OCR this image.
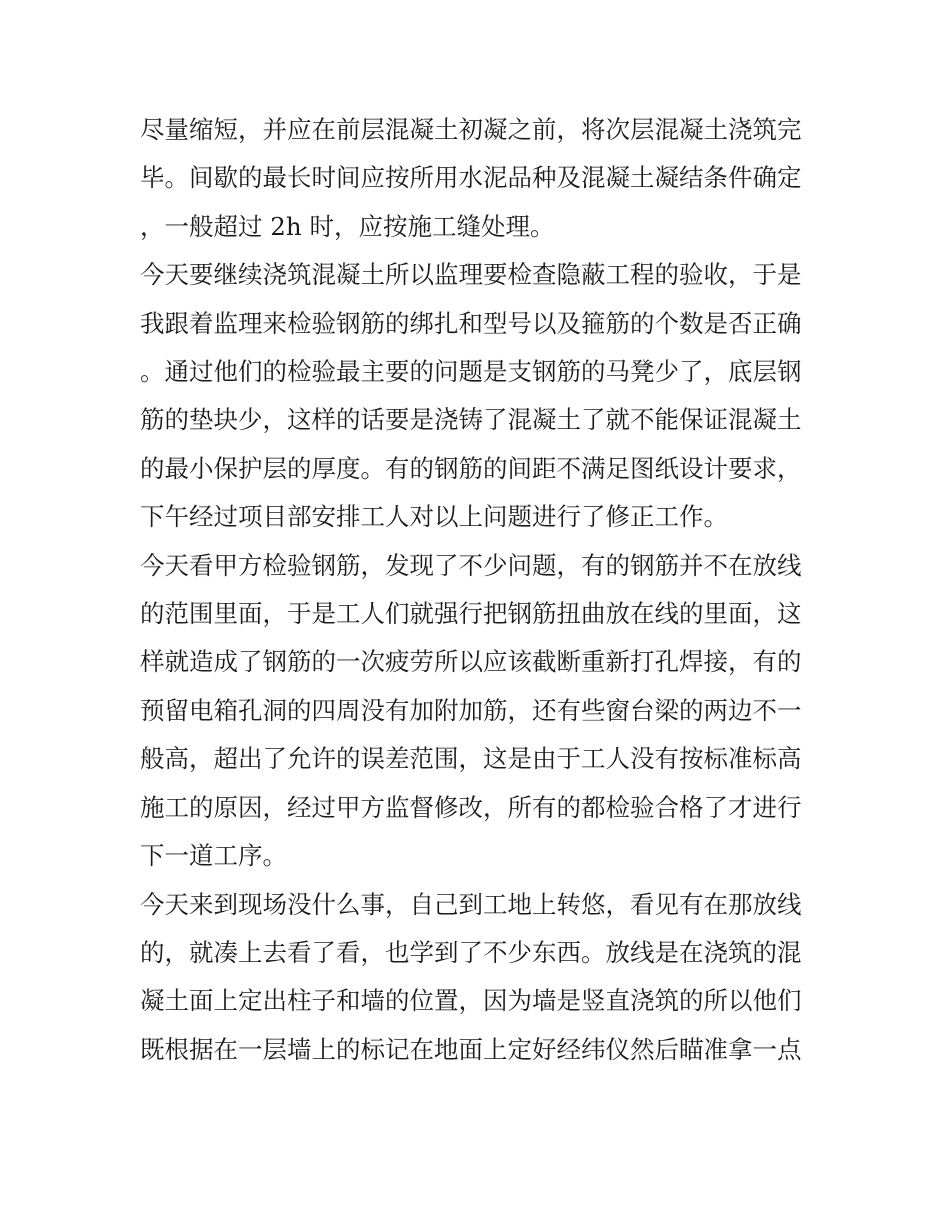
尽量缩短，并应在前层混凝土初凝之前，将次层混凝土浇筑完毕。间歇的最长时间应按所用水泥品种及混凝土凝结条件确定，一般超过 2h 时，应按施工缝处理。

今天要继续浇筑混凝土所以监理要检查隐蔽工程的验收，于是我跟着监理来检验钢筋的绑扎和型号以及箍筋的个数是否正确。通过他们的检验最主要的问题是支钢筋的马凳少了，底层钢筋的垫块少，这样的话要是浇铸了混凝土了就不能保证混凝土的最小保护层的厚度。有的钢筋的间距不满足图纸设计要求，下午经过项目部安排工人对以上问题进行了修正工作。

今天看甲方检验钢筋，发现了不少问题，有的钢筋并不在放线的范围里面，于是工人们就强行把钢筋扭曲放在线的里面，这样就造成了钢筋的一次疲劳所以应该截断重新打孔焊接，有的预留电箱孔洞的四周没有加附加筋，还有些窗台梁的两边不一般高，超出了允许的误差范围，这是由于工人没有按标准标高施工的原因，经过甲方监督修改，所有的都检验合格了才进行下一道工序。

今天来到现场没什么事，自己到工地上转悠，看见有在那放线的，就凑上去看了看，也学到了不少东西。放线是在浇筑的混凝土面上定出柱子和墙的位置，因为墙是竖直浇筑的所以他们既根据在一层墙上的标记在地面上定好经纬仪然后瞄准拿一点
